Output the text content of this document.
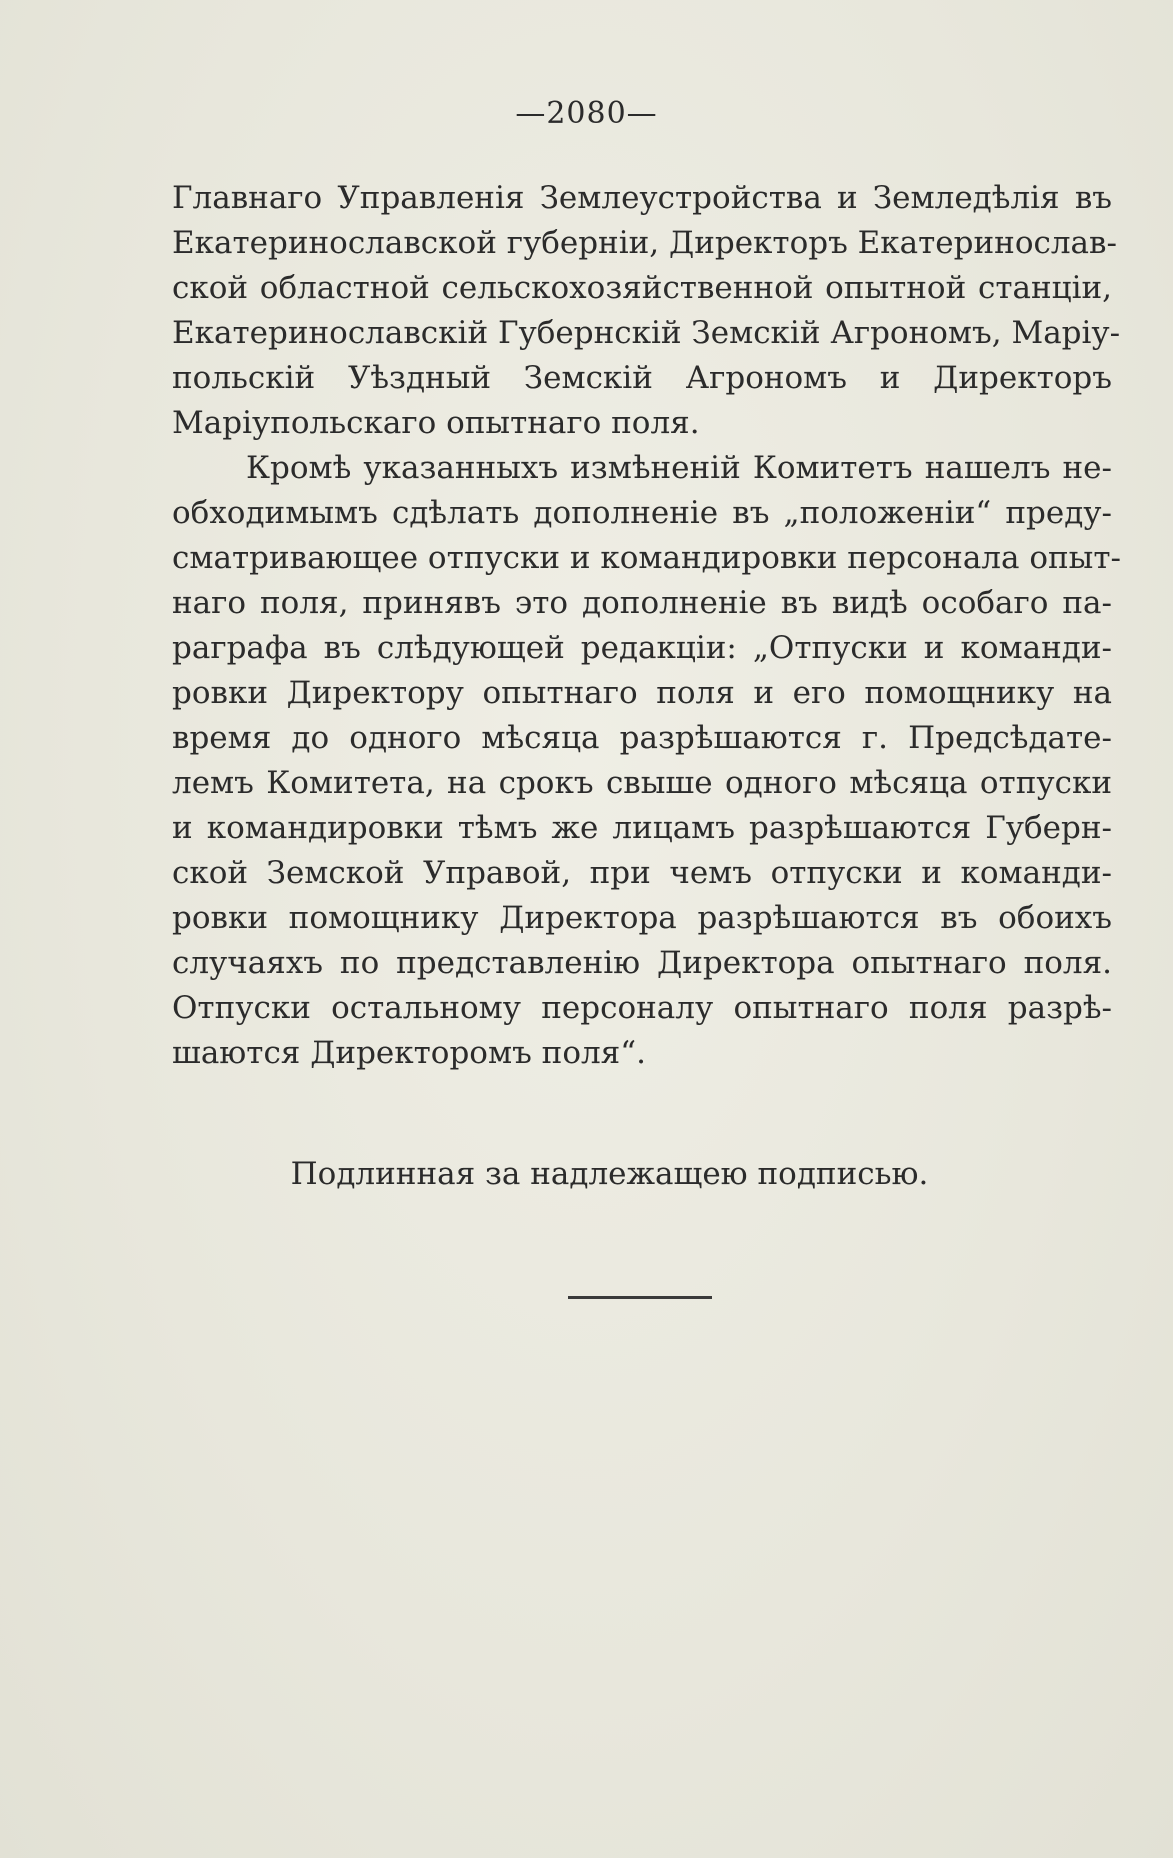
—2080—
Главнаго Управленія Землеустройства и Земледѣлія въ
Екатеринославской губерніи, Директоръ Екатеринослав-
ской областной сельскохозяйственной опытной станціи,
Екатеринославскій Губернскій Земскій Агрономъ, Маріу-
польскій Уѣздный Земскій Агрономъ и Директоръ
Маріупольскаго опытнаго поля.
Кромѣ указанныхъ измѣненій Комитетъ нашелъ не-
обходимымъ сдѣлать дополненіе въ „положеніи“ преду-
сматривающее отпуски и командировки персонала опыт-
наго поля, принявъ это дополненіе въ видѣ особаго па-
раграфа въ слѣдующей редакціи: „Отпуски и команди-
ровки Директору опытнаго поля и его помощнику на
время до одного мѣсяца разрѣшаются г. Предсѣдате-
лемъ Комитета, на срокъ свыше одного мѣсяца отпуски
и командировки тѣмъ же лицамъ разрѣшаются Губерн-
ской Земской Управой, при чемъ отпуски и команди-
ровки помощнику Директора разрѣшаются въ обоихъ
случаяхъ по представленію Директора опытнаго поля.
Отпуски остальному персоналу опытнаго поля разрѣ-
шаются Директоромъ поля“.
Подлинная за надлежащею подписью.
